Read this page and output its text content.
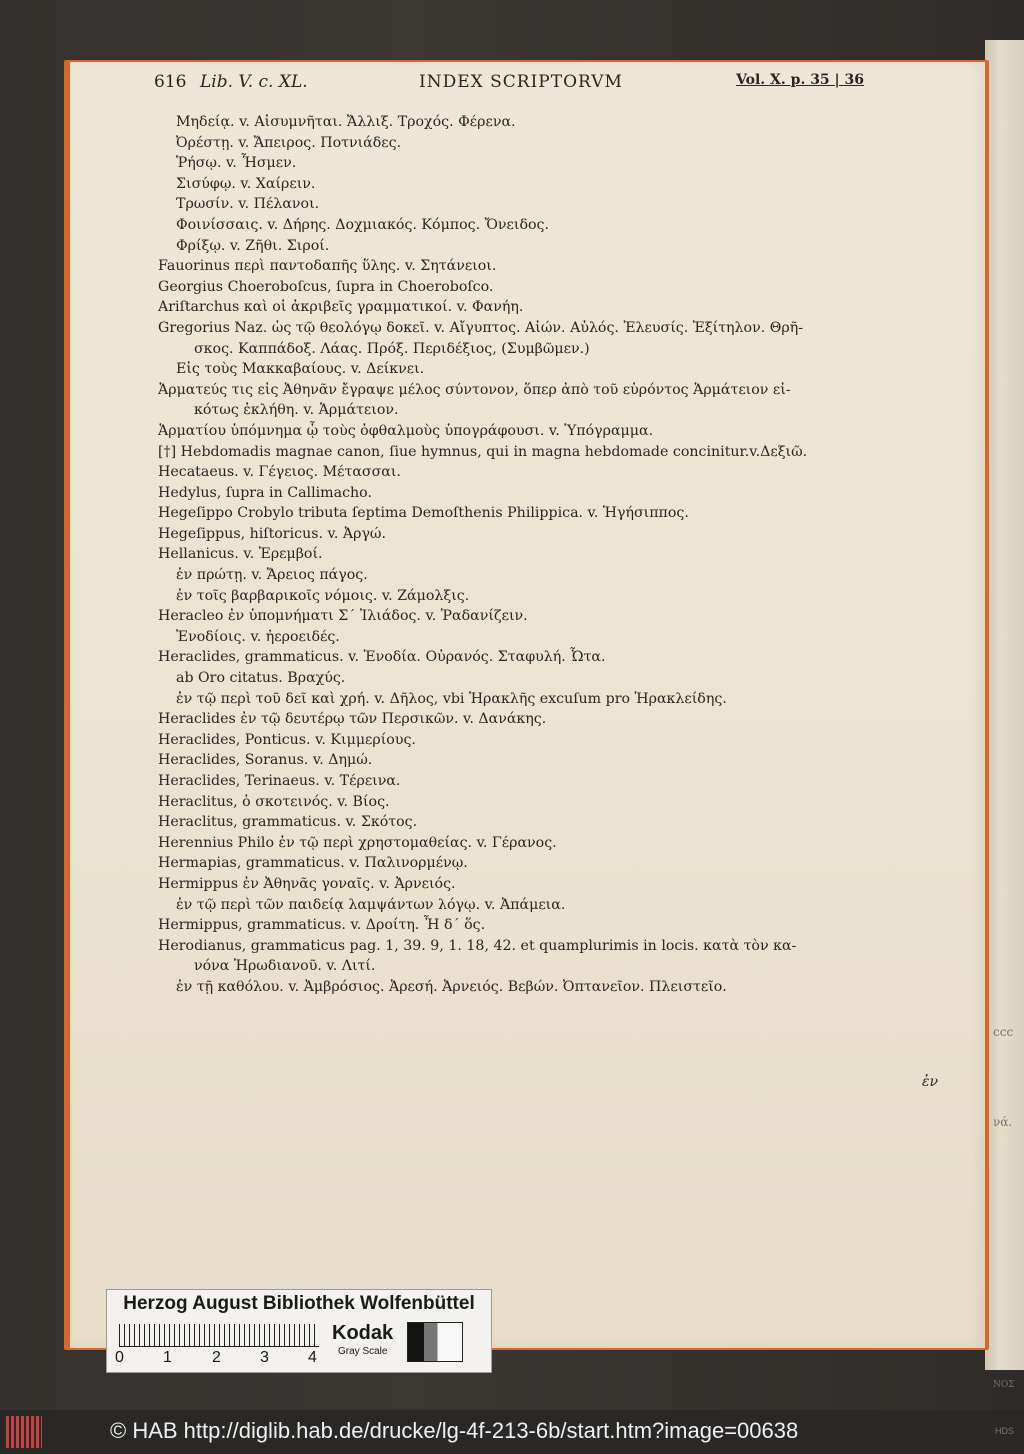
ccc
νά.
ΝΟΣ
616 Lib. V. c. XL.	INDEX SCRIPTORVM	Vol. X. p. 35 | 36
Μηδείᾳ. v. Αἰσυμνῆται. Ἄλλιξ. Τροχός. Φέρενα.
Ὀρέστῃ. v. Ἄπειρος. Ποτνιάδες.
Ῥήσῳ. v. Ἧσμεν.
Σισύφῳ. v. Χαίρειν.
Τρωσίν. v. Πέλανοι.
Φοινίσσαις. v. Δήρης. Δοχμιακός. Κόμπος. Ὄνειδος.
Φρίξῳ. v. Ζῆθι. Σιροί.
Fauorinus περὶ παντοδαπῆς ὕλης. v. Σητάνειοι.
Georgius Choeroboſcus, ſupra in Choeroboſco.
Ariſtarchus καὶ οἱ ἀκριβεῖς γραμματικοί. v. Φανήη.
Gregorius Naz. ὡς τῷ θεολόγῳ δοκεῖ. v. Αἴγυπτος. Αἰών. Αὐλός. Ἐλευσίς. Ἐξίτηλον. Θρῆ-
σκος. Καππάδοξ. Λάας. Πρόξ. Περιδέξιος, (Συμβῶμεν.)
Εἰς τοὺς Μακκαβαίους. v. Δείκνει.
Ἁρματεύς τις εἰς Ἀθηνᾶν ἔγραψε μέλος σύντονον, ὅπερ ἀπὸ τοῦ εὑρόντος Ἁρμάτειον εἰ-
κότως ἐκλήθη. v. Ἁρμάτειον.
Ἁρματίου ὑπόμνημα ᾧ τοὺς ὀφθαλμοὺς ὑπογράφουσι. v. Ὑπόγραμμα.
[†] Hebdomadis magnae canon, ſiue hymnus, qui in magna hebdomade concinitur.v.Δεξιῶ.
Hecataeus. v. Γέγειος. Μέτασσαι.
Hedylus, ſupra in Callimacho.
Hegeſippo Crobylo tributa ſeptima Demoſthenis Philippica. v. Ἡγήσιππος.
Hegeſippus, hiſtoricus. v. Ἀργώ.
Hellanicus. v. Ἐρεμβοί.
ἐν πρώτῃ. v. Ἄρειος πάγος.
ἐν τοῖς βαρβαρικοῖς νόμοις. v. Ζάμολξις.
Heracleo ἐν ὑπομνήματι Σ´ Ἰλιάδος. v. Ῥαδανίζειν.
Ἐνοδίοις. v. ἠεροειδές.
Heraclides, grammaticus. v. Ἐνοδία. Οὐρανός. Σταφυλή. Ὦτα.
ab Oro citatus. Βραχύς.
ἐν τῷ περὶ τοῦ δεῖ καὶ χρή. v. Δῆλος, vbi Ἡρακλῆς excuſum pro Ἡρακλείδης.
Heraclides ἐν τῷ δευτέρῳ τῶν Περσικῶν. v. Δανάκης.
Heraclides, Ponticus. v. Κιμμερίους.
Heraclides, Soranus. v. Δημώ.
Heraclides, Terinaeus. v. Τέρεινα.
Heraclitus, ὁ σκοτεινός. v. Βίος.
Heraclitus, grammaticus. v. Σκότος.
Herennius Philo ἐν τῷ περὶ χρηστομαθείας. v. Γέρανος.
Hermapias, grammaticus. v. Παλινορμένῳ.
Hermippus ἐν Ἀθηνᾶς γοναῖς. v. Ἀρνειός.
ἐν τῷ περὶ τῶν παιδείᾳ λαμψάντων λόγῳ. v. Ἀπάμεια.
Hermippus, grammaticus. v. Δροίτη. Ἦ δ´ ὅς.
Herodianus, grammaticus pag. 1, 39. 9, 1. 18, 42. et quamplurimis in locis. κατὰ τὸν κα-
νόνα Ἡρωδιανοῦ. v. Λιτί.
ἐν τῇ καθόλου. v. Ἀμβρόσιος. Ἀρεσή. Ἀρνειός. Βεβών. Ὀπτανεῖον. Πλειστεῖο.
ἐν
Herzog August Bibliothek Wolfenbüttel
0 1	2 3 4
Kodak
Gray Scale
© HAB http://diglib.hab.de/drucke/lg-4f-213-6b/start.htm?image=00638	HDS
